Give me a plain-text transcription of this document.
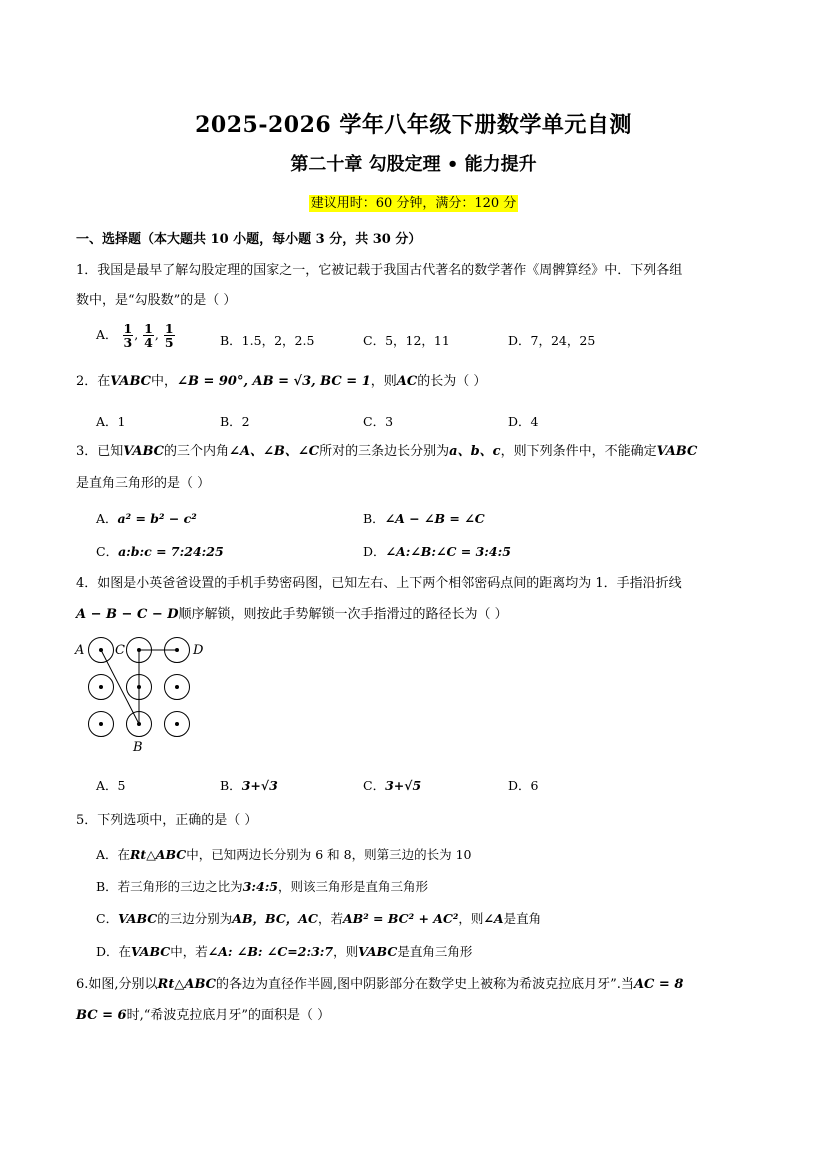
2025-2026 学年八年级下册数学单元自测
第二十章 勾股定理 • 能力提升
建议用时：60 分钟，满分：120 分
一、选择题（本大题共 10 小题，每小题 3 分，共 30 分）
1．我国是最早了解勾股定理的国家之一，它被记载于我国古代著名的数学著作《周髀算经》中．下列各组
数中，是“勾股数”的是（ ）
A． $\frac{1}{3}$ , $\frac{1}{4}$ , $\frac{1}{5}$	B．1.5，2，2.5	C．5，12，11	D．7，24，25
2．在VABC中，∠B = 90°, AB = √3, BC = 1，则AC的长为（ ）
A．1	B．2	C．3	D．4
3．已知VABC的三个内角∠A、∠B、∠C所对的三条边长分别为a、b、c，则下列条件中，不能确定VABC
是直角三角形的是（ ）
A．a² = b² − c²	B．∠A − ∠B = ∠C
C．a:b:c = 7:24:25	D．∠A:∠B:∠C = 3:4:5
4．如图是小英爸爸设置的手机手势密码图，已知左右、上下两个相邻密码点间的距离均为 1．手指沿折线
A − B − C − D顺序解锁，则按此手势解锁一次手指滑过的路径长为（ ）
A C	D
B
A．5	B．3+√3	C．3+√5	D．6
5．下列选项中，正确的是（ ）
A．在Rt△ABC中，已知两边长分别为 6 和 8，则第三边的长为 10
B．若三角形的三边之比为3:4:5，则该三角形是直角三角形
C．VABC的三边分别为AB，BC，AC，若AB² = BC² + AC²，则∠A是直角
D．在VABC中，若∠A: ∠B: ∠C=2:3:7，则VABC是直角三角形
6.如图,分别以Rt△ABC的各边为直径作半圆,图中阴影部分在数学史上被称为希波克拉底月牙”.当AC = 8
BC = 6时,“希波克拉底月牙”的面积是（ ）
